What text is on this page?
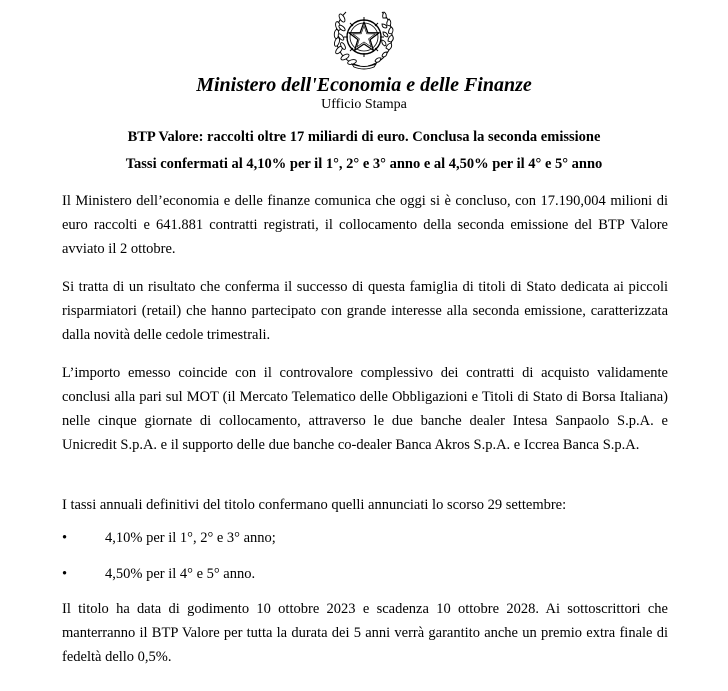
Ministero dell'Economia e delle Finanze
Ufficio Stampa
BTP Valore: raccolti oltre 17 miliardi di euro. Conclusa la seconda emissione
Tassi confermati al 4,10% per il 1°, 2° e 3° anno e al 4,50% per il 4° e 5° anno

Il Ministero dell’economia e delle finanze comunica che oggi si è concluso, con 17.190,004 milioni di euro raccolti e 641.881 contratti registrati, il collocamento della seconda emissione del BTP Valore avviato il 2 ottobre.

Si tratta di un risultato che conferma il successo di questa famiglia di titoli di Stato dedicata ai piccoli risparmiatori (retail) che hanno partecipato con grande interesse alla seconda emissione, caratterizzata dalla novità delle cedole trimestrali.

L’importo emesso coincide con il controvalore complessivo dei contratti di acquisto validamente conclusi alla pari sul MOT (il Mercato Telematico delle Obbligazioni e Titoli di Stato di Borsa Italiana) nelle cinque giornate di collocamento, attraverso le due banche dealer Intesa Sanpaolo S.p.A. e Unicredit S.p.A. e il supporto delle due banche co-dealer Banca Akros S.p.A. e Iccrea Banca S.p.A.

I tassi annuali definitivi del titolo confermano quelli annunciati lo scorso 29 settembre:

•	4,10% per il 1°, 2° e 3° anno;
•	4,50% per il 4° e 5° anno.

Il titolo ha data di godimento 10 ottobre 2023 e scadenza 10 ottobre 2028. Ai sottoscrittori che manterranno il BTP Valore per tutta la durata dei 5 anni verrà garantito anche un premio extra finale di fedeltà dello 0,5%.
